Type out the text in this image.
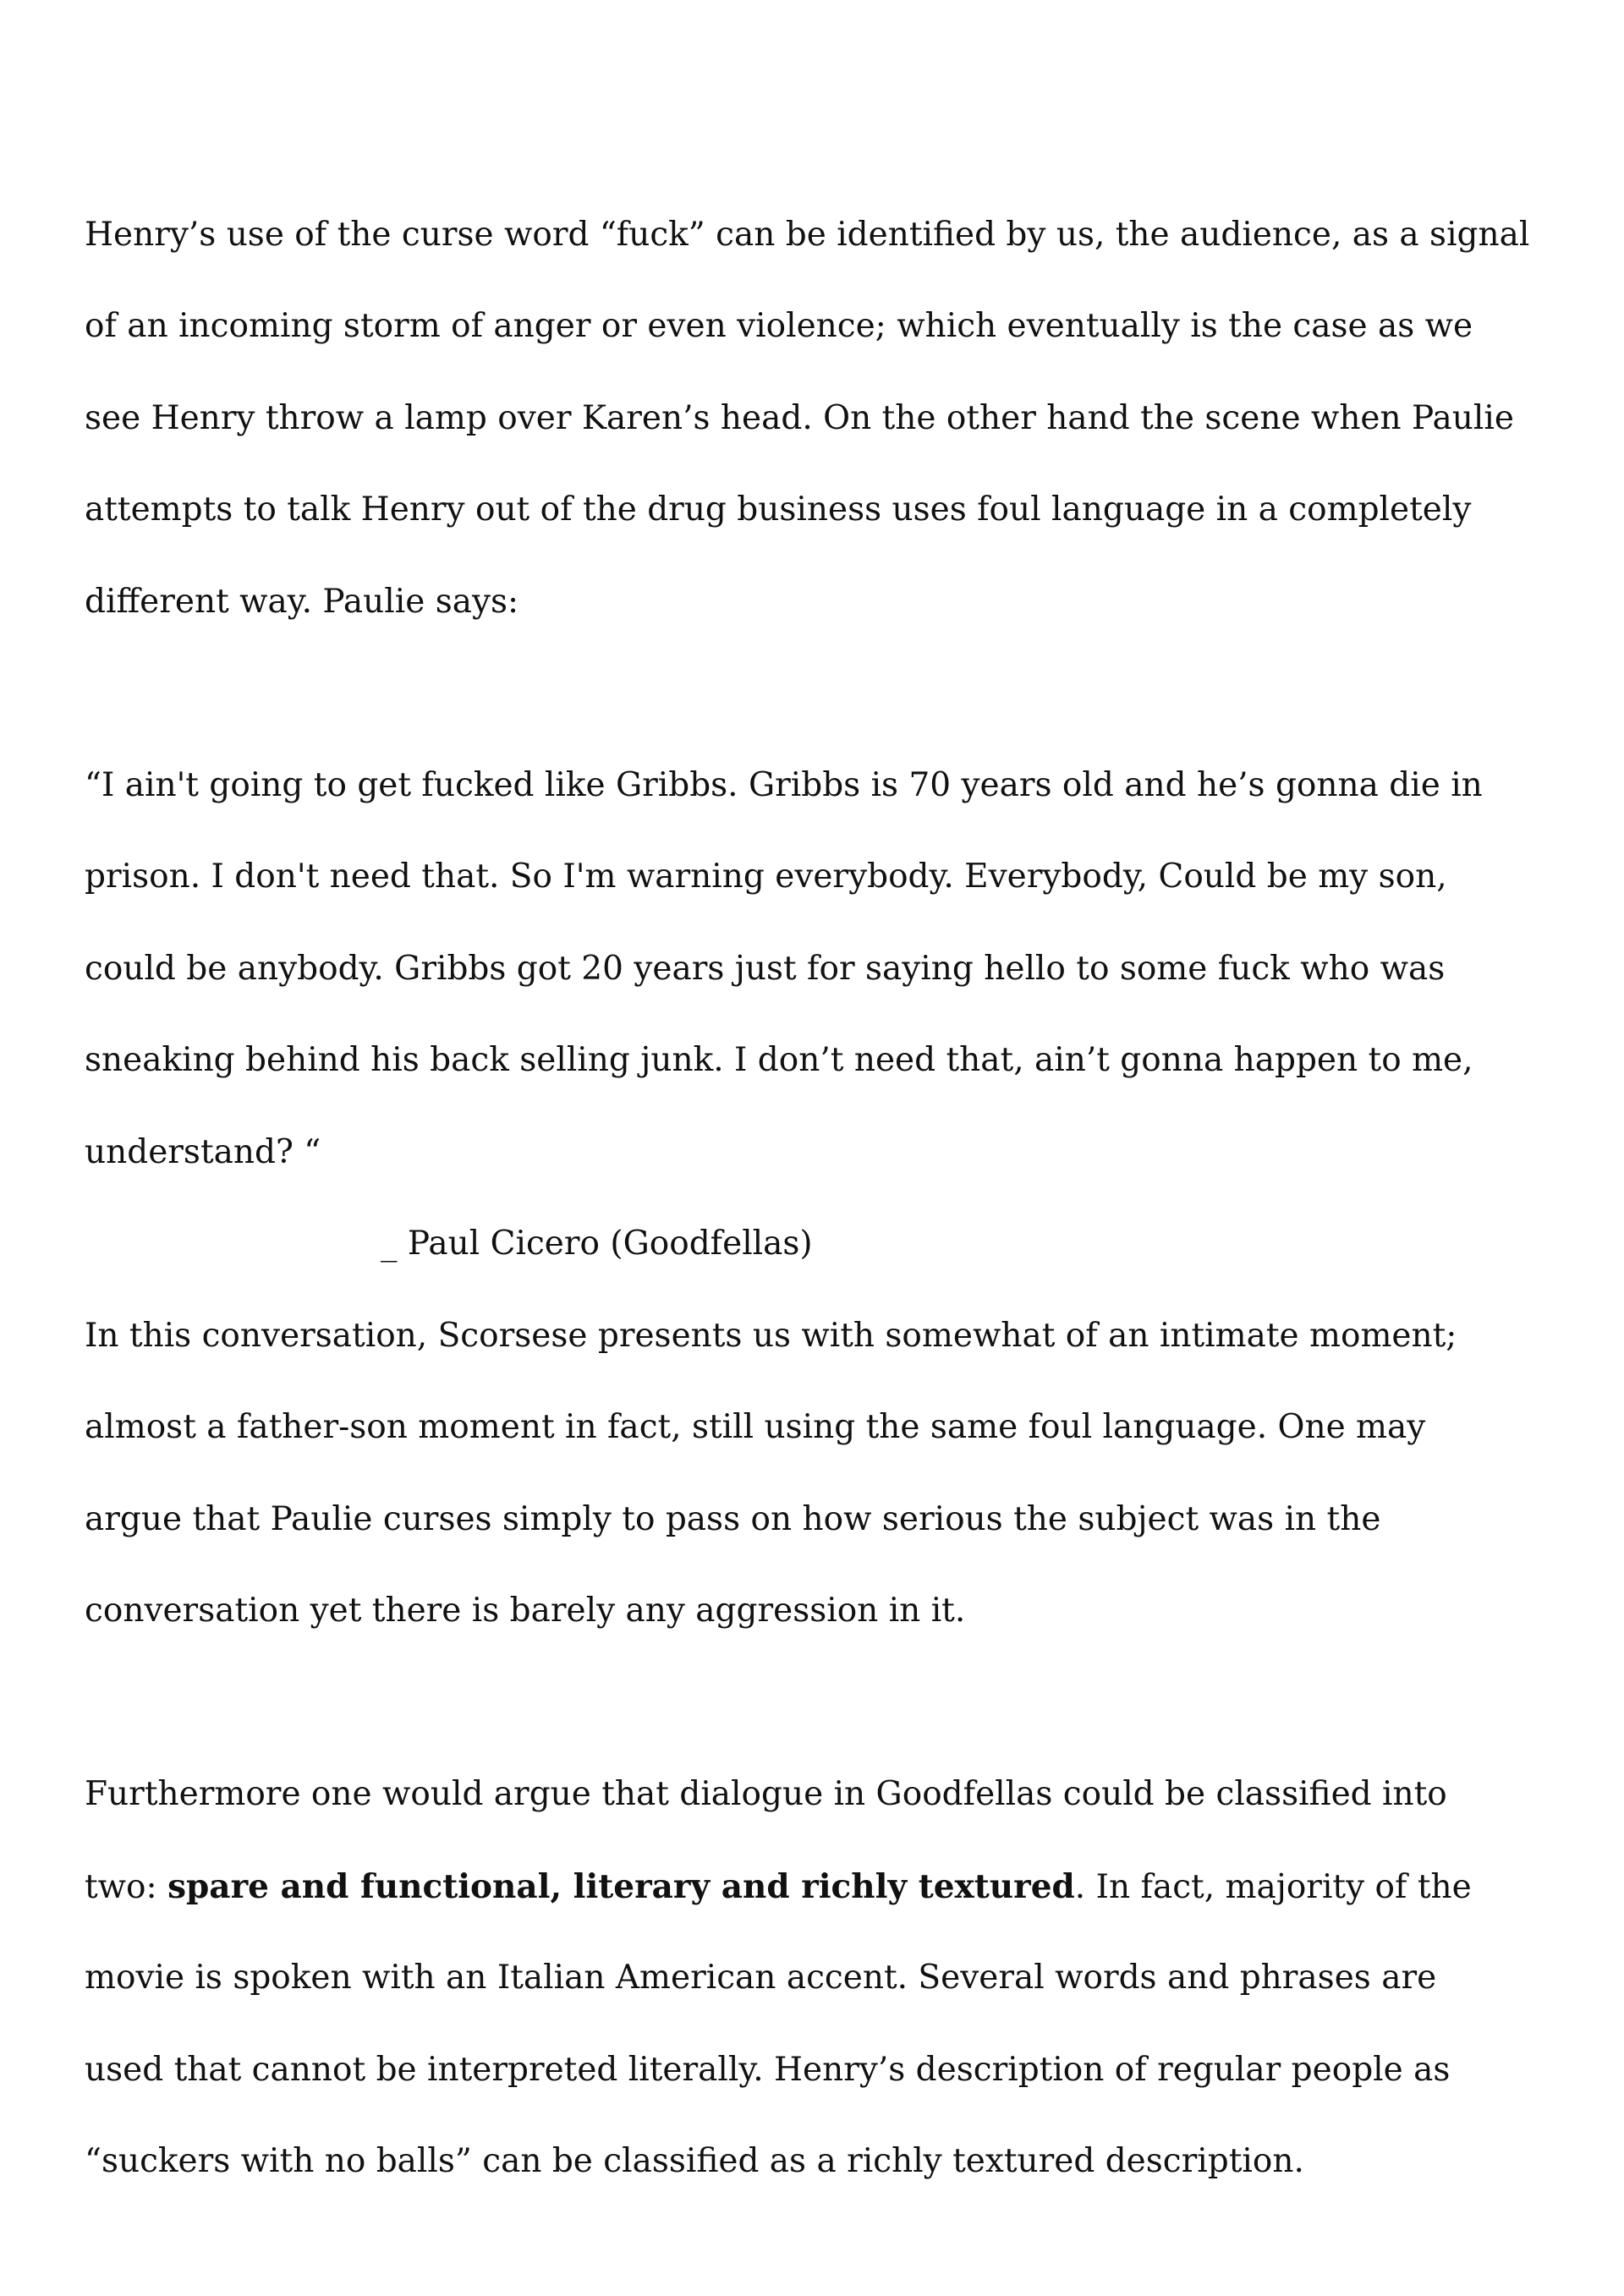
Henry’s use of the curse word “fuck” can be identified by us, the audience, as a signal

of an incoming storm of anger or even violence; which eventually is the case as we

see Henry throw a lamp over Karen’s head. On the other hand the scene when Paulie

attempts to talk Henry out of the drug business uses foul language in a completely

different way. Paulie says:

“I ain't going to get fucked like Gribbs. Gribbs is 70 years old and he’s gonna die in

prison. I don't need that. So I'm warning everybody. Everybody, Could be my son,

could be anybody. Gribbs got 20 years just for saying hello to some fuck who was

sneaking behind his back selling junk. I don’t need that, ain’t gonna happen to me,

understand? “

_ Paul Cicero (Goodfellas)

In this conversation, Scorsese presents us with somewhat of an intimate moment;

almost a father-son moment in fact, still using the same foul language. One may

argue that Paulie curses simply to pass on how serious the subject was in the

conversation yet there is barely any aggression in it.

Furthermore one would argue that dialogue in Goodfellas could be classified into

two: spare and functional, literary and richly textured. In fact, majority of the

movie is spoken with an Italian American accent. Several words and phrases are

used that cannot be interpreted literally. Henry’s description of regular people as

“suckers with no balls” can be classified as a richly textured description.
